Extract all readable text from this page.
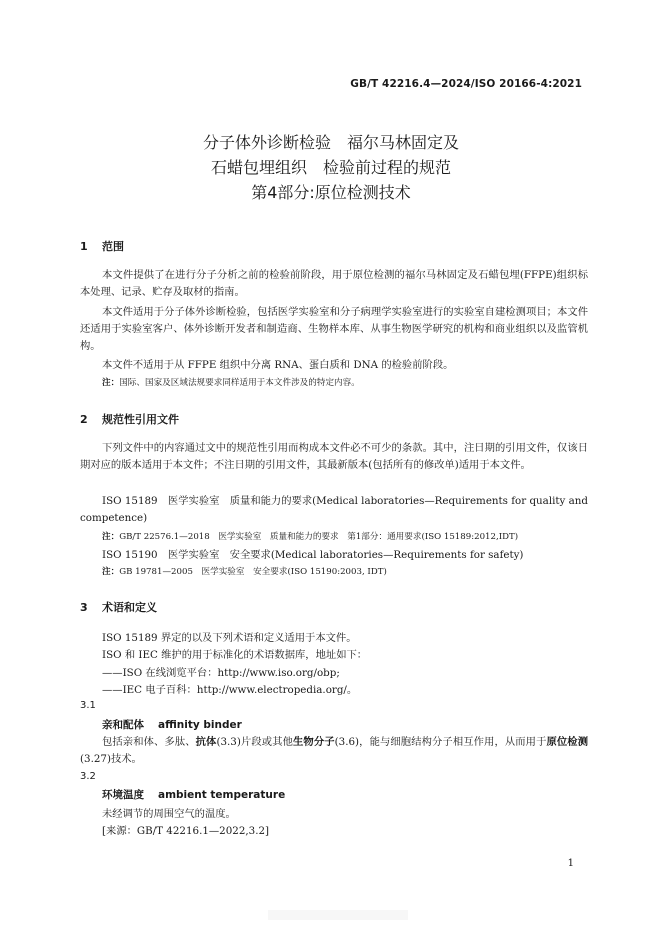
GB/T 42216.4—2024/ISO 20166-4:2021
分子体外诊断检验　福尔马林固定及
石蜡包埋组织　检验前过程的规范
第4部分:原位检测技术
1 范围
本文件提供了在进行分子分析之前的检验前阶段，用于原位检测的福尔马林固定及石蜡包埋(FFPE)组织标本处理、记录、贮存及取材的指南。
本文件适用于分子体外诊断检验，包括医学实验室和分子病理学实验室进行的实验室自建检测项目；本文件还适用于实验室客户、体外诊断开发者和制造商、生物样本库、从事生物医学研究的机构和商业组织以及监管机构。
本文件不适用于从 FFPE 组织中分离 RNA、蛋白质和 DNA 的检验前阶段。
注：国际、国家及区域法规要求同样适用于本文件涉及的特定内容。
2 规范性引用文件
下列文件中的内容通过文中的规范性引用而构成本文件必不可少的条款。其中，注日期的引用文件，仅该日期对应的版本适用于本文件；不注日期的引用文件，其最新版本(包括所有的修改单)适用于本文件。
ISO 15189　医学实验室　质量和能力的要求(Medical laboratories—Requirements for quality and competence)
注：GB/T 22576.1—2018　医学实验室　质量和能力的要求　第1部分：通用要求(ISO 15189:2012,IDT)
ISO 15190　医学实验室　安全要求(Medical laboratories—Requirements for safety)
注：GB 19781—2005　医学实验室　安全要求(ISO 15190:2003, IDT)
3 术语和定义
ISO 15189 界定的以及下列术语和定义适用于本文件。
ISO 和 IEC 维护的用于标准化的术语数据库，地址如下：
——ISO 在线浏览平台：http://www.iso.org/obp;
——IEC 电子百科：http://www.electropedia.org/。
3.1
亲和配体 affinity binder
包括亲和体、多肽、抗体(3.3)片段或其他生物分子(3.6)，能与细胞结构分子相互作用，从而用于原位检测(3.27)技术。
3.2
环境温度 ambient temperature
未经调节的周围空气的温度。
[来源：GB/T 42216.1—2022,3.2]
1
